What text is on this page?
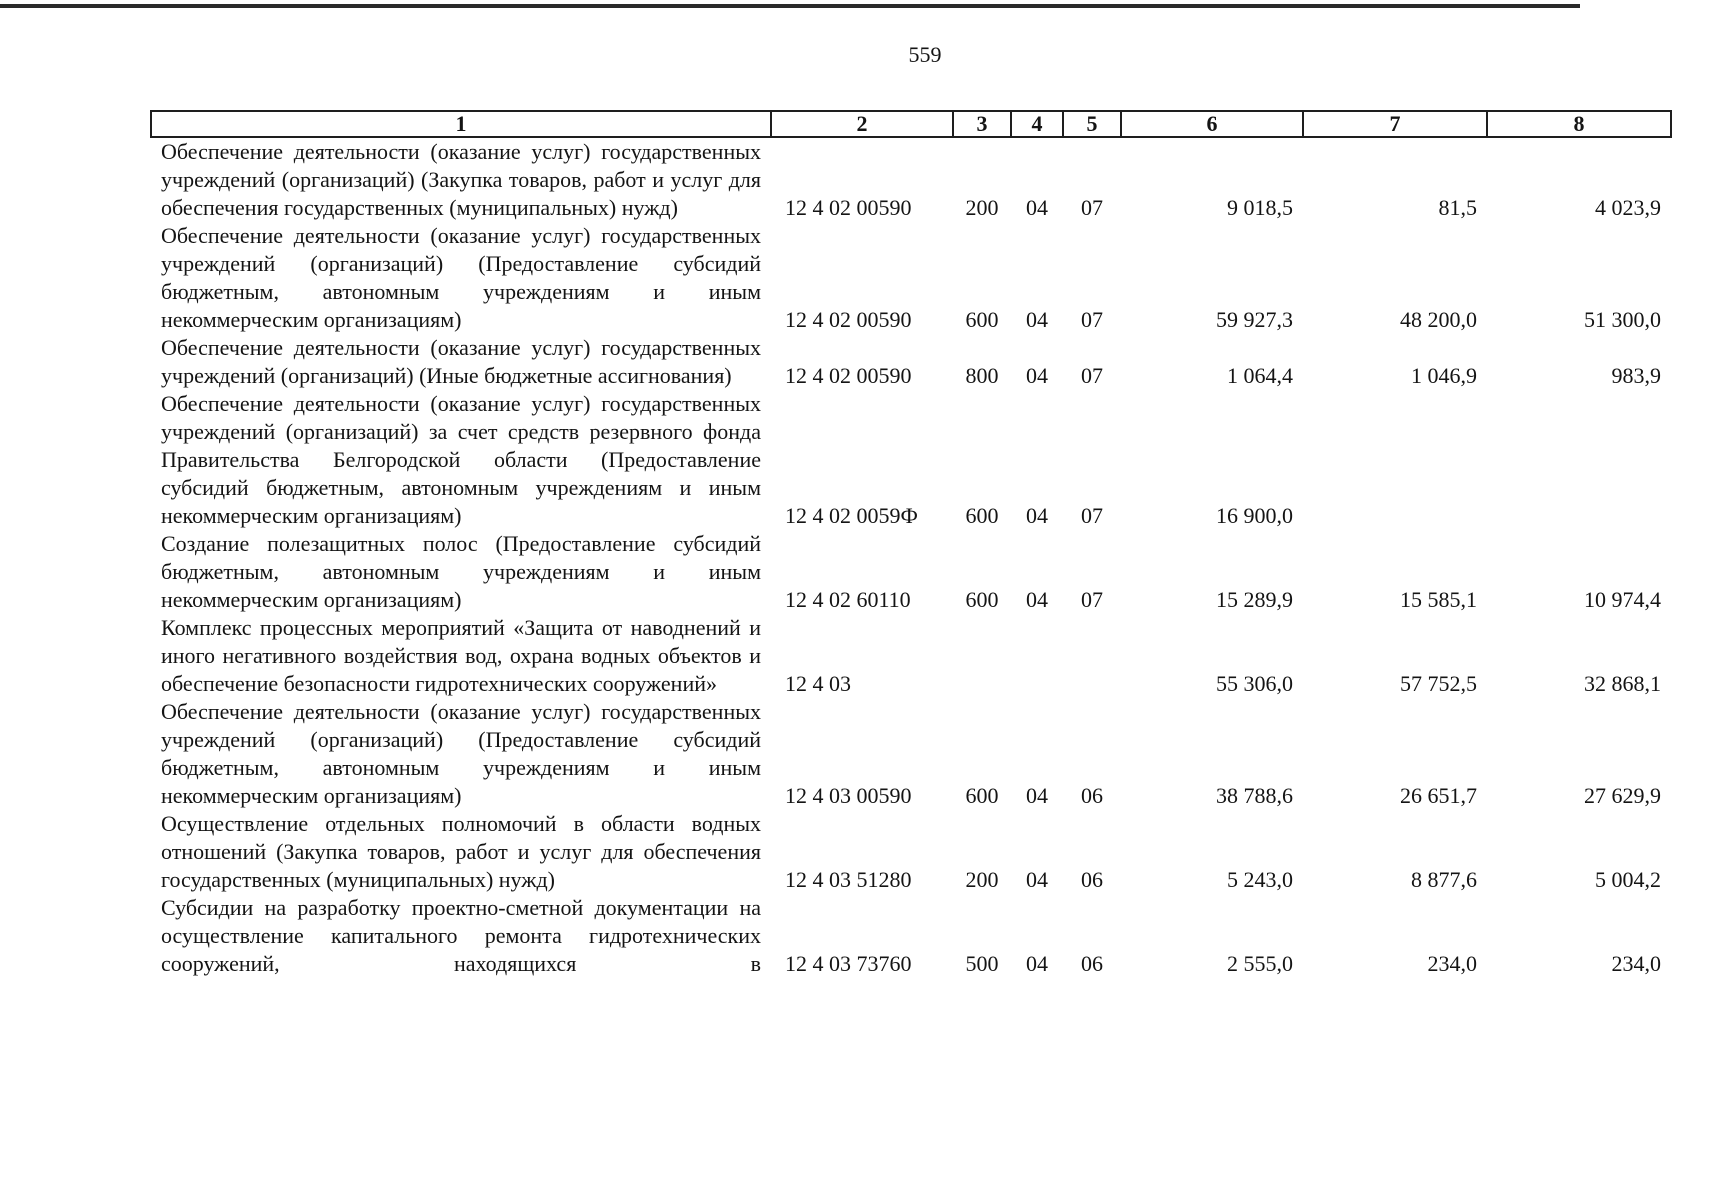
559
1	2	3	4	5	6	7	8
Обеспечение деятельности (оказание услуг) государственных учреждений (организаций) (Закупка товаров, работ и услуг для обеспечения государственных (муниципальных) нужд)	12 4 02 00590	200	04	07	9 018,5	81,5	4 023,9
Обеспечение деятельности (оказание услуг) государственных учреждений (организаций) (Предоставление субсидий бюджетным, автономным учреждениям и иным некоммерческим организациям)	12 4 02 00590	600	04	07	59 927,3	48 200,0	51 300,0
Обеспечение деятельности (оказание услуг) государственных учреждений (организаций) (Иные бюджетные ассигнования)	12 4 02 00590	800	04	07	1 064,4	1 046,9	983,9
Обеспечение деятельности (оказание услуг) государственных учреждений (организаций) за счет средств резервного фонда Правительства Белгородской области (Предоставление субсидий бюджетным, автономным учреждениям и иным некоммерческим организациям)	12 4 02 0059Ф	600	04	07	16 900,0		
Создание полезащитных полос (Предоставление субсидий бюджетным, автономным учреждениям и иным некоммерческим организациям)	12 4 02 60110	600	04	07	15 289,9	15 585,1	10 974,4
Комплекс процессных мероприятий «Защита от наводнений и иного негативного воздействия вод, охрана водных объектов и обеспечение безопасности гидротехнических сооружений»	12 4 03				55 306,0	57 752,5	32 868,1
Обеспечение деятельности (оказание услуг) государственных учреждений (организаций) (Предоставление субсидий бюджетным, автономным учреждениям и иным некоммерческим организациям)	12 4 03 00590	600	04	06	38 788,6	26 651,7	27 629,9
Осуществление отдельных полномочий в области водных отношений (Закупка товаров, работ и услуг для обеспечения государственных (муниципальных) нужд)	12 4 03 51280	200	04	06	5 243,0	8 877,6	5 004,2
Субсидии на разработку проектно-сметной документации на осуществление капитального ремонта гидротехнических сооружений, находящихся в	12 4 03 73760	500	04	06	2 555,0	234,0	234,0
